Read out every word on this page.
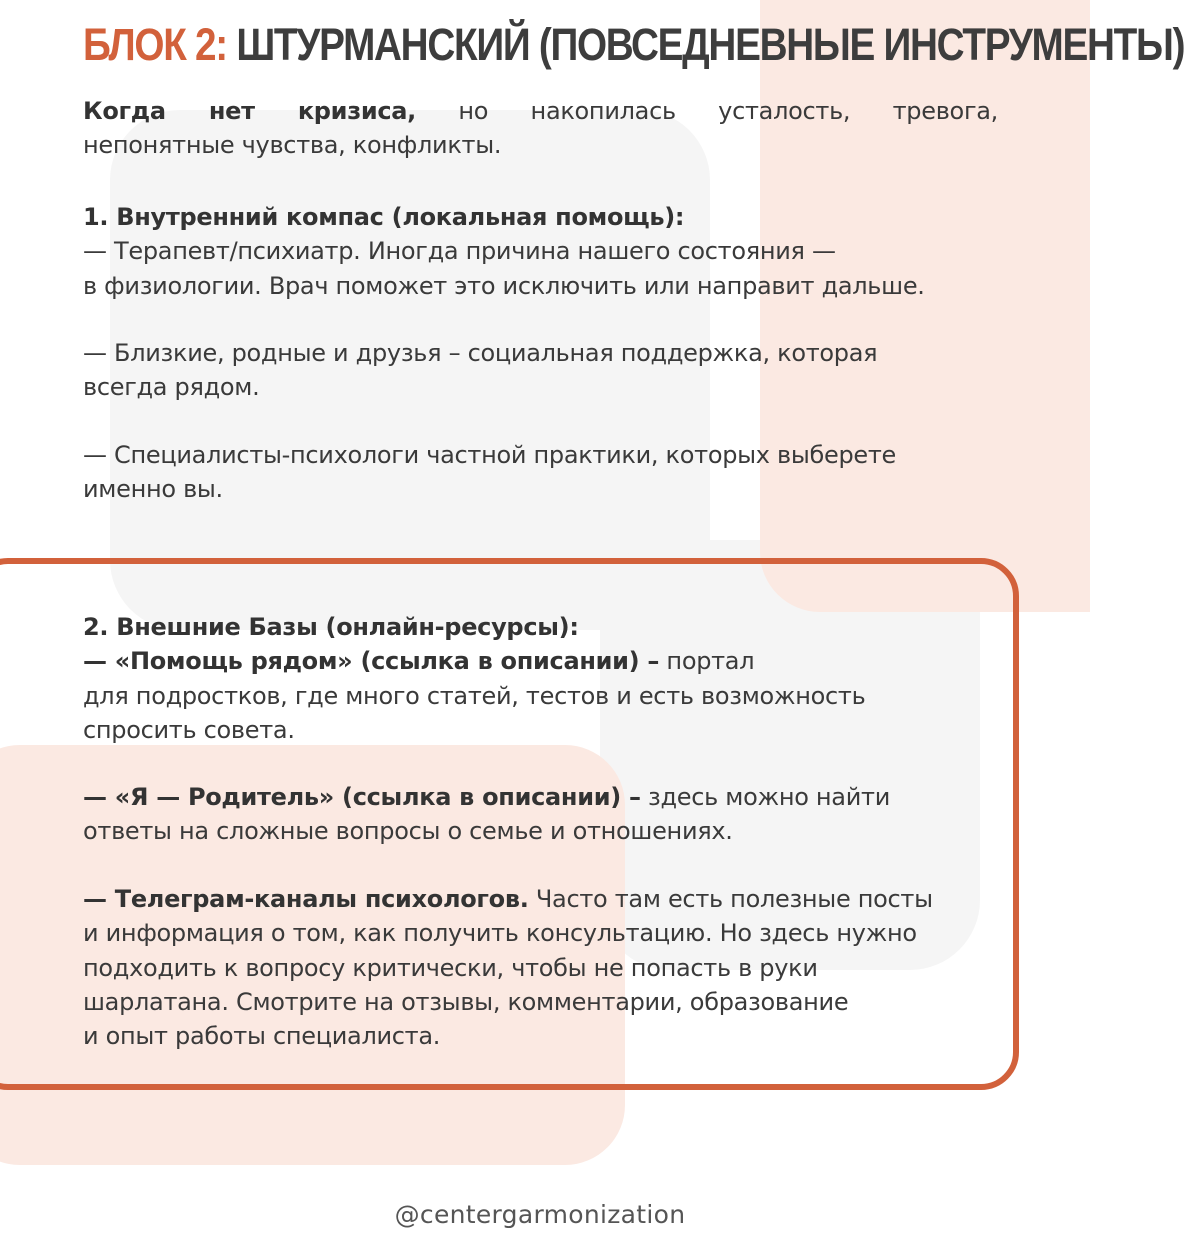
БЛОК 2: ШТУРМАНСКИЙ (ПОВСЕДНЕВНЫЕ ИНСТРУМЕНТЫ)

Когда нет кризиса, но накопилась усталость, тревога,

непонятные чувства, конфликты.

1. Внутренний компас (локальная помощь):

— Терапевт/психиатр. Иногда причина нашего состояния —

в физиологии. Врач поможет это исключить или направит дальше.

— Близкие, родные и друзья – социальная поддержка, которая

всегда рядом.

— Специалисты-психологи частной практики, которых выберете

именно вы.

2. Внешние Базы (онлайн-ресурсы):

— «Помощь рядом» (ссылка в описании) – портал

для подростков, где много статей, тестов и есть возможность

спросить совета.

— «Я — Родитель» (ссылка в описании) – здесь можно найти

ответы на сложные вопросы о семье и отношениях.

— Телеграм-каналы психологов. Часто там есть полезные посты

и информация о том, как получить консультацию. Но здесь нужно

подходить к вопросу критически, чтобы не попасть в руки

шарлатана. Смотрите на отзывы, комментарии, образование

и опыт работы специалиста.

@centergarmonization
